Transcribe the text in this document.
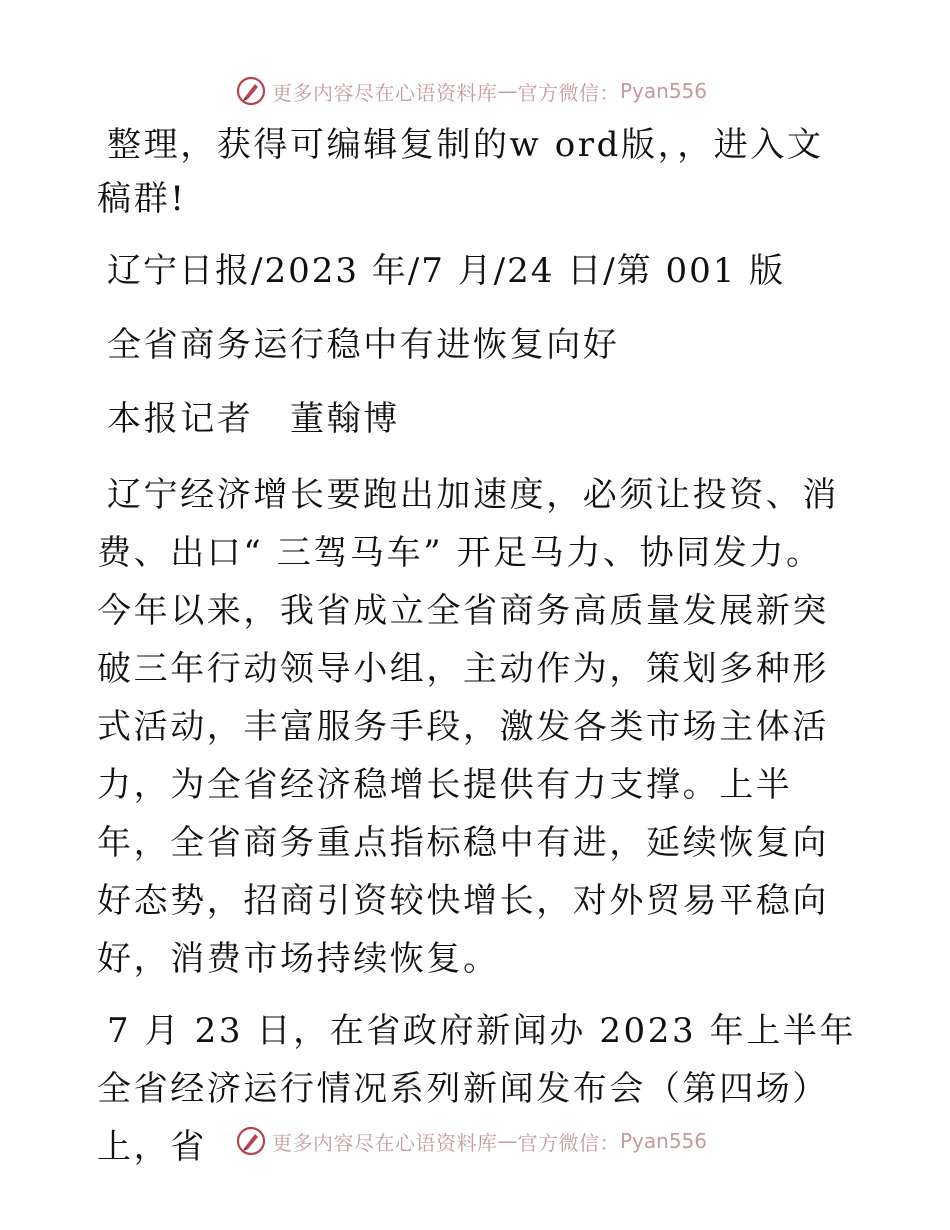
更多内容尽在心语资料库 — 官方微信： Pyan556

整理，获得可编辑复制的w ord版，，进入文稿群!

辽宁日报/2023 年/7 月/24 日/第 001 版

全省商务运行稳中有进恢复向好

本报记者　董翰博

辽宁经济增长要跑出加速度，必须让投资、消费、出口“ 三驾马车” 开足马力、协同发力。今年以来，我省成立全省商务高质量发展新突破三年行动领导小组，主动作为，策划多种形式活动，丰富服务手段，激发各类市场主体活力，为全省经济稳增长提供有力支撑。上半年，全省商务重点指标稳中有进，延续恢复向好态势，招商引资较快增长，对外贸易平稳向好，消费市场持续恢复。

7 月 23 日，在省政府新闻办 2023 年上半年全省经济运行情况系列新闻发布会（第四场）上，省	更多内容尽在心语资料库 — 官方微信： Pyan556
